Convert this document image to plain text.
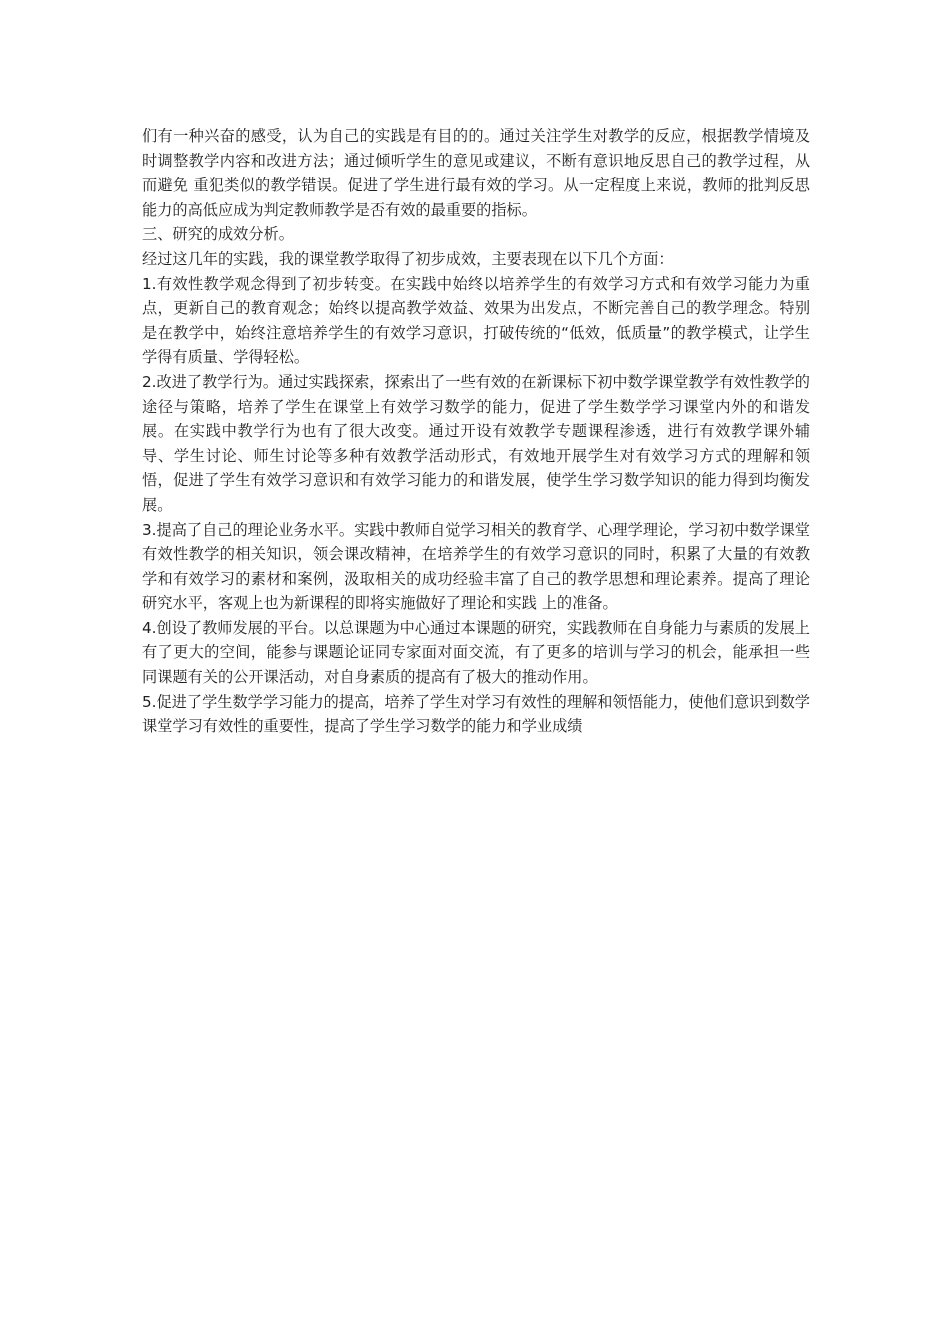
们有一种兴奋的感受，认为自己的实践是有目的的。通过关注学生对教学的反应，根据教学情境及时调整教学内容和改进方法；通过倾听学生的意见或建议，不断有意识地反思自己的教学过程，从而避免 重犯类似的教学错误。促进了学生进行最有效的学习。从一定程度上来说，教师的批判反思能力的高低应成为判定教师教学是否有效的最重要的指标。

三、研究的成效分析。

经过这几年的实践，我的课堂教学取得了初步成效，主要表现在以下几个方面：

1.有效性教学观念得到了初步转变。在实践中始终以培养学生的有效学习方式和有效学习能力为重点，更新自己的教育观念；始终以提高教学效益、效果为出发点，不断完善自己的教学理念。特别是在教学中，始终注意培养学生的有效学习意识，打破传统的“低效，低质量”的教学模式，让学生学得有质量、学得轻松。

2.改进了教学行为。通过实践探索，探索出了一些有效的在新课标下初中数学课堂教学有效性教学的途径与策略，培养了学生在课堂上有效学习数学的能力，促进了学生数学学习课堂内外的和谐发展。在实践中教学行为也有了很大改变。通过开设有效教学专题课程渗透，进行有效教学课外辅导、学生讨论、师生讨论等多种有效教学活动形式，有效地开展学生对有效学习方式的理解和领悟，促进了学生有效学习意识和有效学习能力的和谐发展，使学生学习数学知识的能力得到均衡发展。

3.提高了自己的理论业务水平。实践中教师自觉学习相关的教育学、心理学理论，学习初中数学课堂有效性教学的相关知识，领会课改精神，在培养学生的有效学习意识的同时，积累了大量的有效教学和有效学习的素材和案例，汲取相关的成功经验丰富了自己的教学思想和理论素养。提高了理论研究水平，客观上也为新课程的即将实施做好了理论和实践 上的准备。

4.创设了教师发展的平台。以总课题为中心通过本课题的研究，实践教师在自身能力与素质的发展上有了更大的空间，能参与课题论证同专家面对面交流，有了更多的培训与学习的机会，能承担一些同课题有关的公开课活动，对自身素质的提高有了极大的推动作用。

5.促进了学生数学学习能力的提高，培养了学生对学习有效性的理解和领悟能力，使他们意识到数学课堂学习有效性的重要性，提高了学生学习数学的能力和学业成绩
